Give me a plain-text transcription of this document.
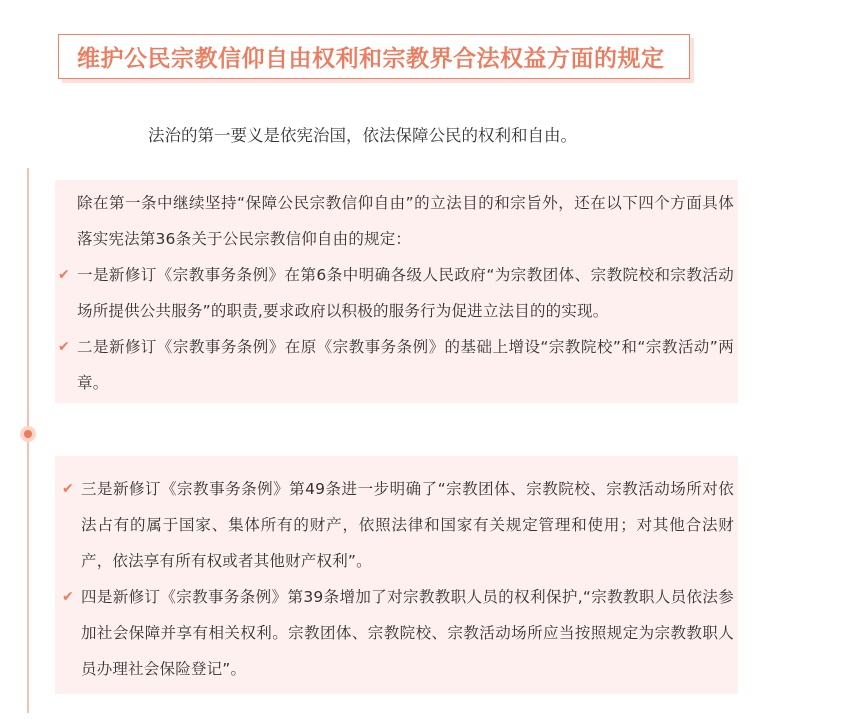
维护公民宗教信仰自由权利和宗教界合法权益方面的规定
法治的第一要义是依宪治国，依法保障公民的权利和自由。
除在第一条中继续坚持“保障公民宗教信仰自由”的立法目的和宗旨外，还在以下四个方面具体落实宪法第36条关于公民宗教信仰自由的规定：
✔ 一是新修订《宗教事务条例》在第6条中明确各级人民政府“为宗教团体、宗教院校和宗教活动场所提供公共服务”的职责,要求政府以积极的服务行为促进立法目的的实现。
✔ 二是新修订《宗教事务条例》在原《宗教事务条例》的基础上增设“宗教院校”和“宗教活动”两章。
✔ 三是新修订《宗教事务条例》第49条进一步明确了“宗教团体、宗教院校、宗教活动场所对依法占有的属于国家、集体所有的财产，依照法律和国家有关规定管理和使用；对其他合法财产，依法享有所有权或者其他财产权利”。
✔ 四是新修订《宗教事务条例》第39条增加了对宗教教职人员的权利保护,“宗教教职人员依法参加社会保障并享有相关权利。宗教团体、宗教院校、宗教活动场所应当按照规定为宗教教职人员办理社会保险登记”。
